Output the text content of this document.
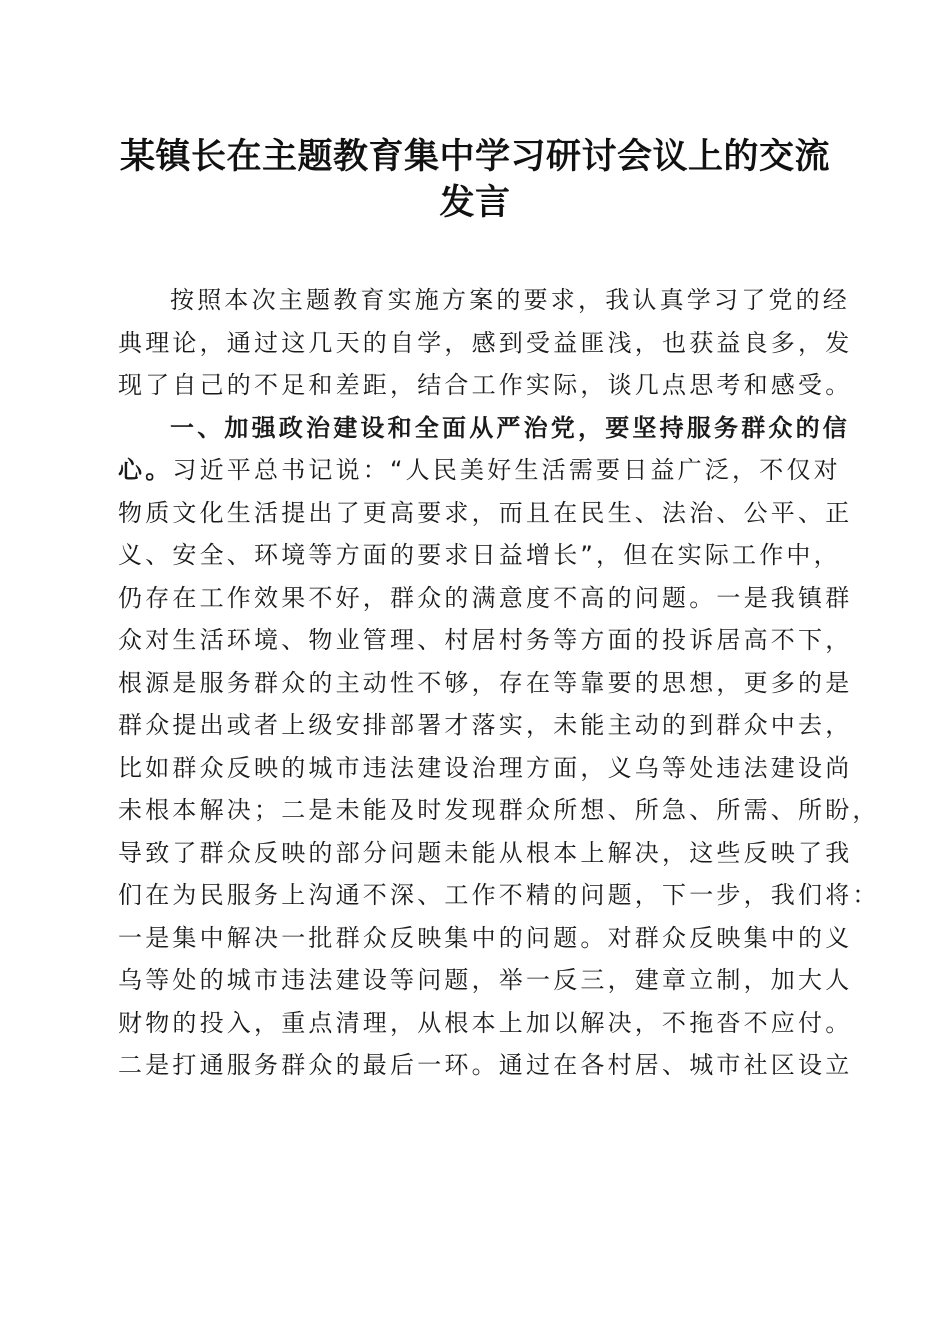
某镇长在主题教育集中学习研讨会议上的交流
发言
按照本次主题教育实施方案的要求，我认真学习了党的经
典理论，通过这几天的自学，感到受益匪浅，也获益良多，发
现了自己的不足和差距，结合工作实际，谈几点思考和感受。
一、加强政治建设和全面从严治党，要坚持服务群众的信
心。习近平总书记说：“人民美好生活需要日益广泛，不仅对
物质文化生活提出了更高要求，而且在民生、法治、公平、正
义、安全、环境等方面的要求日益增长”，但在实际工作中，
仍存在工作效果不好，群众的满意度不高的问题。一是我镇群
众对生活环境、物业管理、村居村务等方面的投诉居高不下，
根源是服务群众的主动性不够，存在等靠要的思想，更多的是
群众提出或者上级安排部署才落实，未能主动的到群众中去，
比如群众反映的城市违法建设治理方面，义乌等处违法建设尚
未根本解决；二是未能及时发现群众所想、所急、所需、所盼，
导致了群众反映的部分问题未能从根本上解决，这些反映了我
们在为民服务上沟通不深、工作不精的问题，下一步，我们将：
一是集中解决一批群众反映集中的问题。对群众反映集中的义
乌等处的城市违法建设等问题，举一反三，建章立制，加大人
财物的投入，重点清理，从根本上加以解决，不拖沓不应付。
二是打通服务群众的最后一环。通过在各村居、城市社区设立
